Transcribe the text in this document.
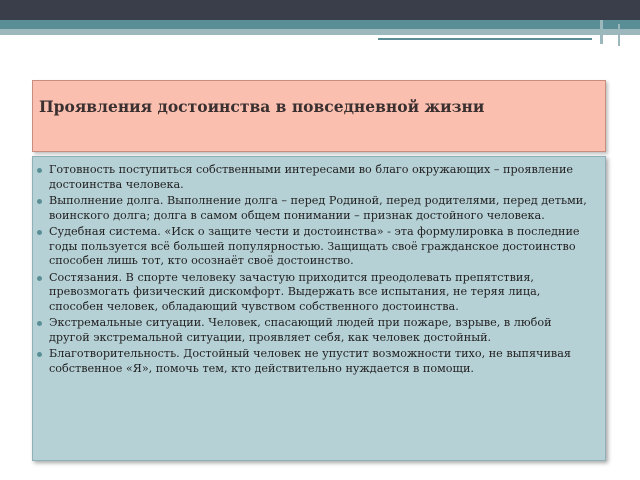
Проявления достоинства в повседневной жизни
Готовность поступиться собственными интересами во благо окружающих – проявление достоинства человека.
Выполнение долга. Выполнение долга – перед Родиной, перед родителями, перед детьми, воинского долга; долга в самом общем понимании – признак достойного человека.
Судебная система. «Иск о защите чести и достоинства» - эта формулировка в последние годы пользуется всё большей популярностью. Защищать своё гражданское достоинство способен лишь тот, кто осознаёт своё достоинство.
Состязания. В спорте человеку зачастую приходится преодолевать препятствия, превозмогать физический дискомфорт. Выдержать все испытания, не теряя лица, способен человек, обладающий чувством собственного достоинства.
Экстремальные ситуации. Человек, спасающий людей при пожаре, взрыве, в любой другой экстремальной ситуации, проявляет себя, как человек достойный.
Благотворительность. Достойный человек не упустит возможности тихо, не выпячивая собственное «Я», помочь тем, кто действительно нуждается в помощи.
